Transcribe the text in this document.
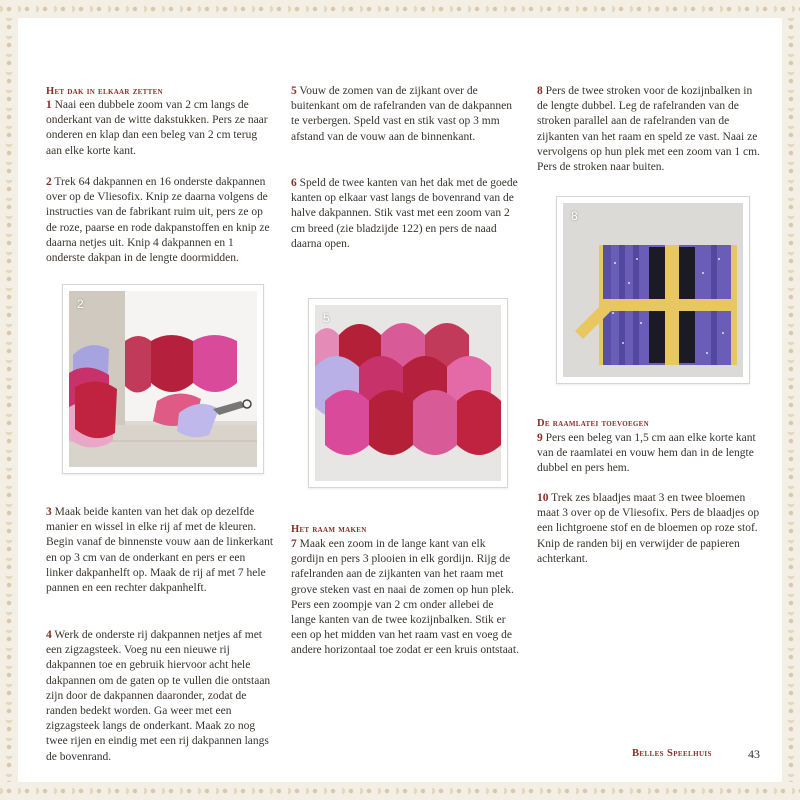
Het dak in elkaar zetten

1 Naai een dubbele zoom van 2 cm langs de onderkant van de witte dakstukken. Pers ze naar onderen en klap dan een beleg van 2 cm terug aan elke korte kant.

2 Trek 64 dakpannen en 16 onderste dakpannen over op de Vliesofix. Knip ze daarna volgens de instructies van de fabrikant ruim uit, pers ze op de roze, paarse en rode dakpanstoffen en knip ze daarna netjes uit. Knip 4 dakpannen en 1 onderste dakpan in de lengte doormidden.

2

3 Maak beide kanten van het dak op dezelfde manier en wissel in elke rij af met de kleuren. Begin vanaf de binnenste vouw aan de linkerkant en op 3 cm van de onderkant en pers er een linker dakpanhelft op. Maak de rij af met 7 hele pannen en een rechter dakpanhelft.

4 Werk de onderste rij dakpannen netjes af met een zigzagsteek. Voeg nu een nieuwe rij dakpannen toe en gebruik hiervoor acht hele dakpannen om de gaten op te vullen die ontstaan zijn door de dakpannen daaronder, zodat de randen bedekt worden. Ga weer met een zigzagsteek langs de onderkant. Maak zo nog twee rijen en eindig met een rij dakpannen langs de bovenrand.

5 Vouw de zomen van de zijkant over de buitenkant om de rafelranden van de dakpannen te verbergen. Speld vast en stik vast op 3 mm afstand van de vouw aan de binnenkant.

6 Speld de twee kanten van het dak met de goede kanten op elkaar vast langs de bovenrand van de halve dakpannen. Stik vast met een zoom van 2 cm breed (zie bladzijde 122) en pers de naad daarna open.

5

Het raam maken

7 Maak een zoom in de lange kant van elk gordijn en pers 3 plooien in elk gordijn. Rijg de rafelranden aan de zijkanten van het raam met grove steken vast en naai de zomen op hun plek. Pers een zoompje van 2 cm onder allebei de lange kanten van de twee kozijnbalken. Stik er een op het midden van het raam vast en voeg de andere horizontaal toe zodat er een kruis ontstaat.

8 Pers de twee stroken voor de kozijnbalken in de lengte dubbel. Leg de rafelranden van de stroken parallel aan de rafelranden van de zijkanten van het raam en speld ze vast. Naai ze vervolgens op hun plek met een zoom van 1 cm. Pers de stroken naar buiten.

8

De raamlatei toevoegen

9 Pers een beleg van 1,5 cm aan elke korte kant van de raamlatei en vouw hem dan in de lengte dubbel en pers hem.

10 Trek zes blaadjes maat 3 en twee bloemen maat 3 over op de Vliesofix. Pers de blaadjes op een lichtgroene stof en de bloemen op roze stof. Knip de randen bij en verwijder de papieren achterkant.

Belles Speelhuis	43
